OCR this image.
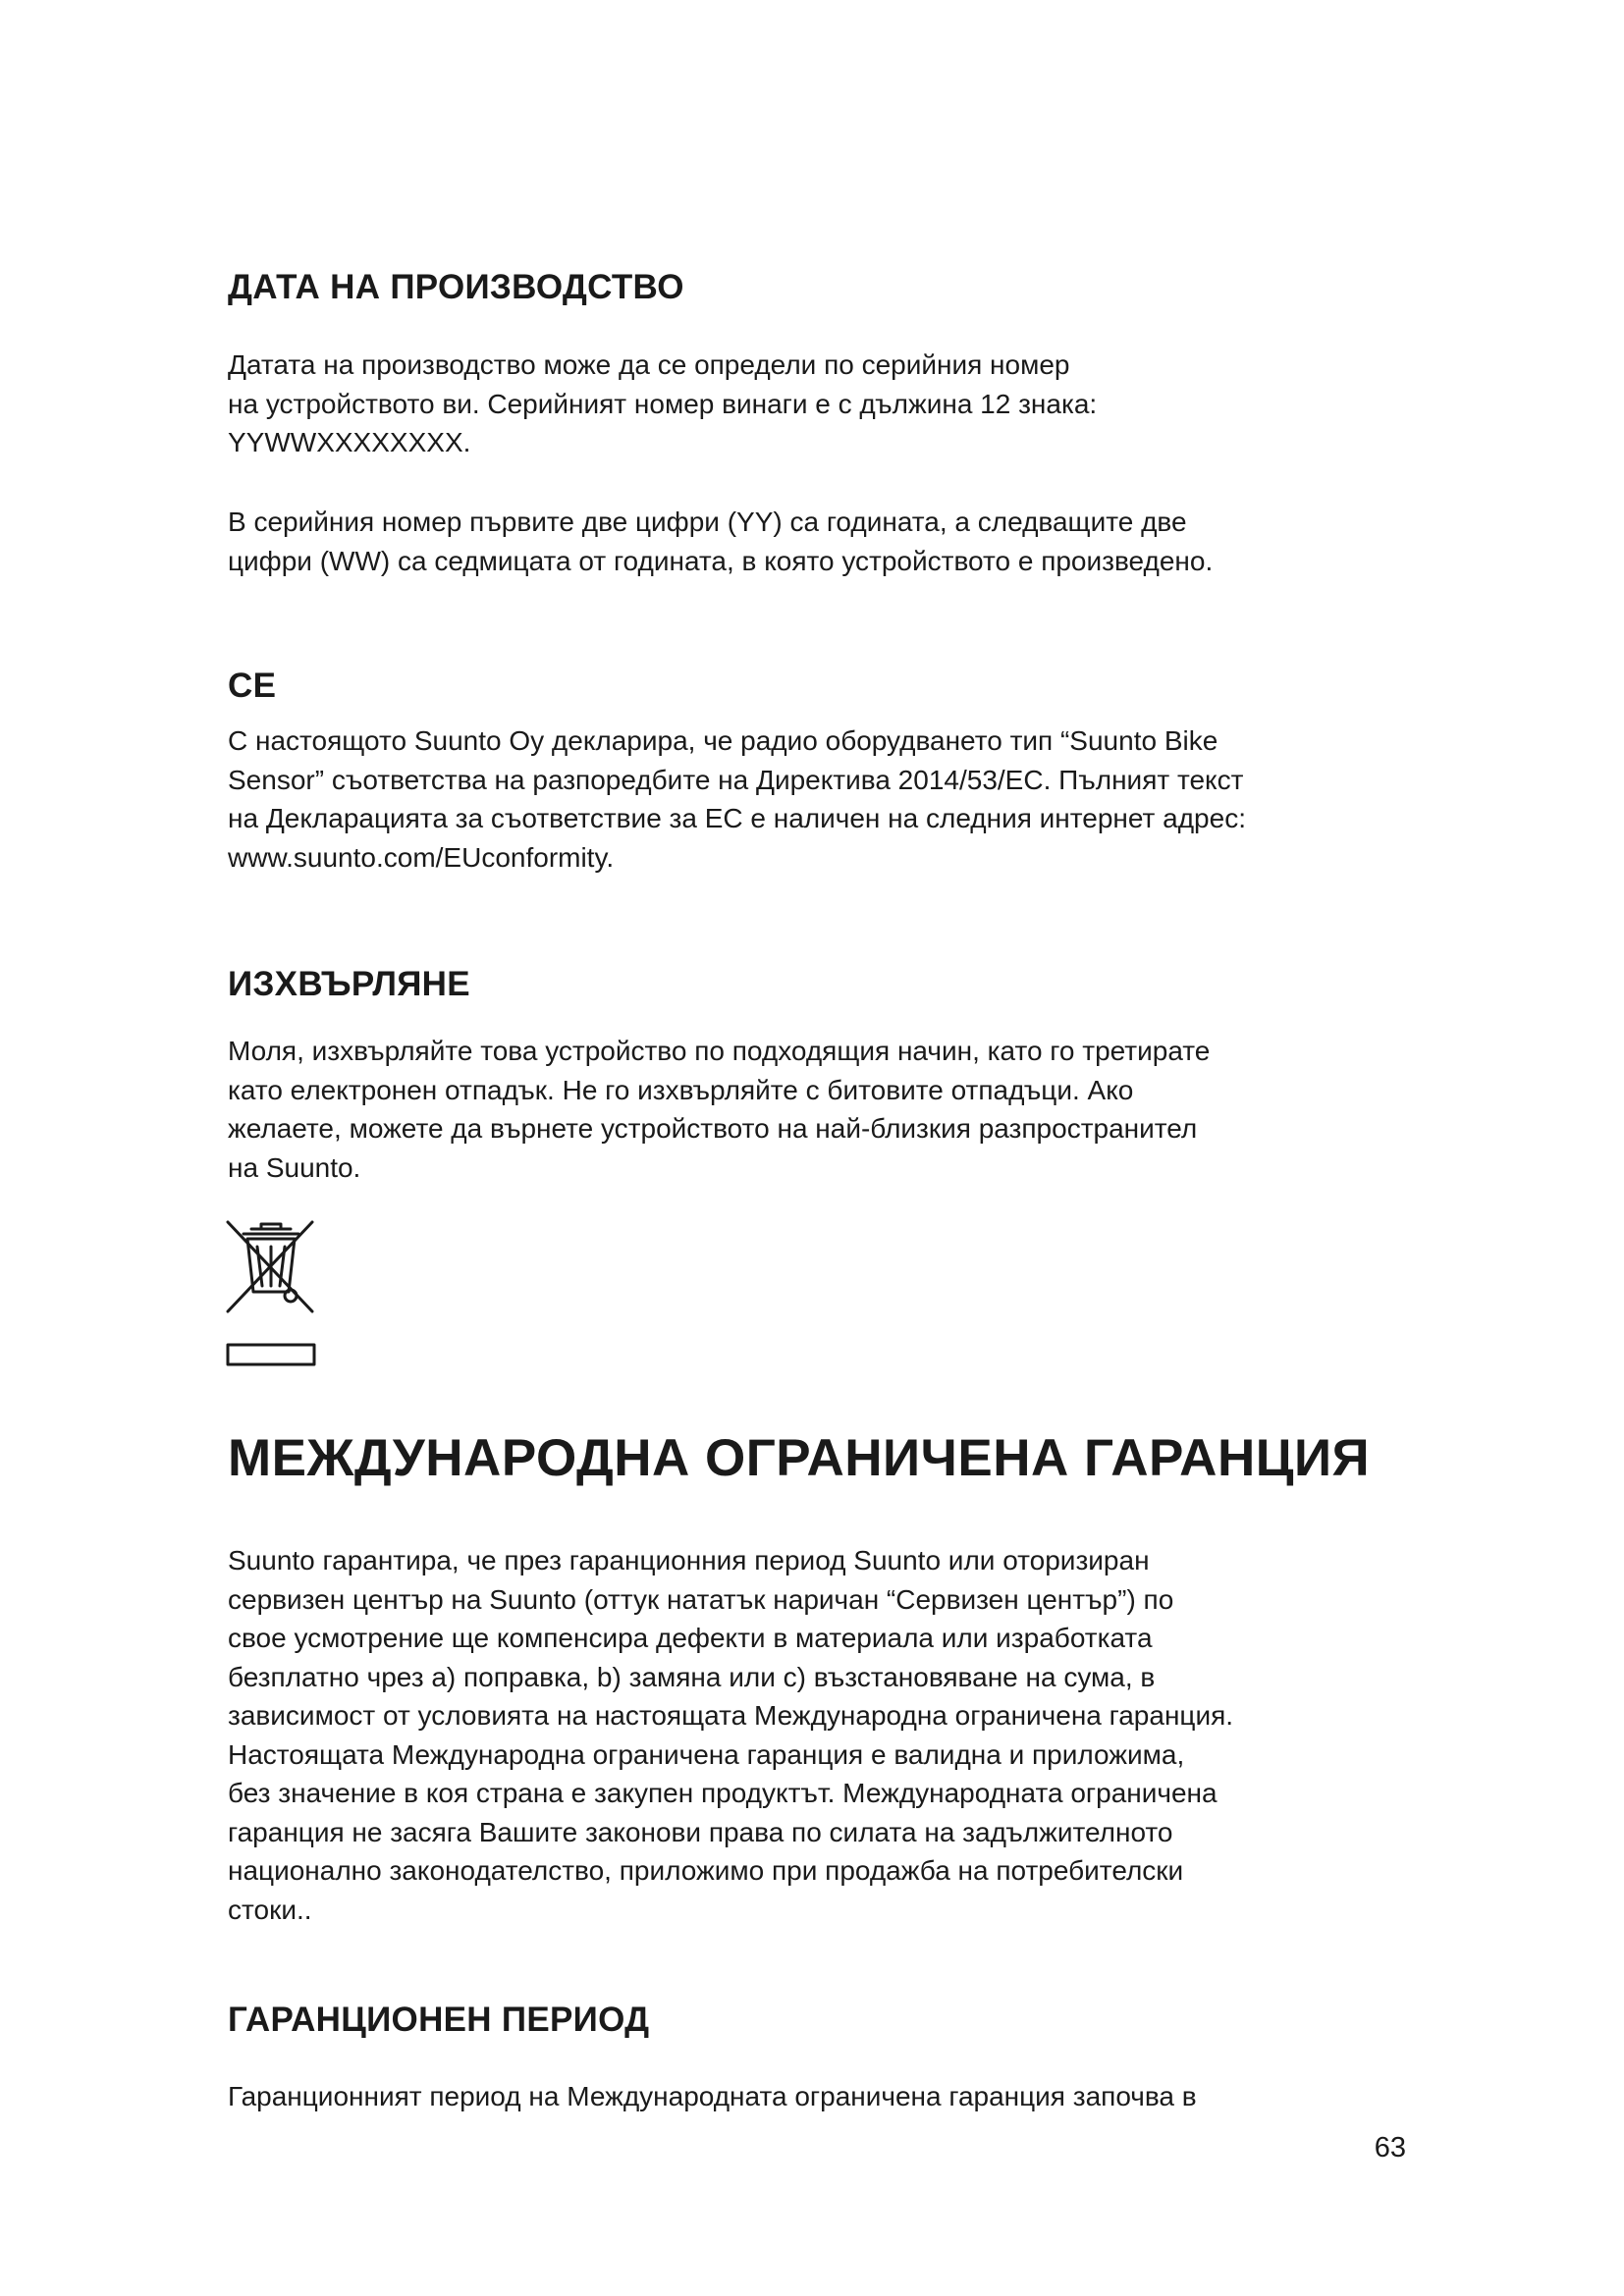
ДАТА НА ПРОИЗВОДСТВО
Датата на производство може да се определи по серийния номер
на устройството ви. Серийният номер винаги е с дължина 12 знака:
YYWWXXXXXXXX.
В серийния номер първите две цифри (YY) са годината, а следващите две
цифри (WW) са седмицата от годината, в която устройството е произведено.
CE
С настоящото Suunto Oy декларира, че радио оборудването тип “Suunto Bike
Sensor” съответства на разпоредбите на Директива 2014/53/EC. Пълният текст
на Декларацията за съответствие за ЕС е наличен на следния интернет адрес:
www.suunto.com/EUconformity.
ИЗХВЪРЛЯНЕ
Моля, изхвърляйте това устройство по подходящия начин, като го третирате
като електронен отпадък. Не го изхвърляйте с битовите отпадъци. Ако
желаете, можете да върнете устройството на най-близкия разпространител
на Suunto.
МЕЖДУНАРОДНА ОГРАНИЧЕНА ГАРАНЦИЯ
Suunto гарантира, че през гаранционния период Suunto или оторизиран
сервизен център на Suunto (оттук нататък наричан “Сервизен център”) по
свое усмотрение ще компенсира дефекти в материала или изработката
безплатно чрез a) поправка, b) замяна или c) възстановяване на сума, в
зависимост от условията на настоящата Международна ограничена гаранция.
Настоящата Международна ограничена гаранция е валидна и приложима,
без значение в коя страна е закупен продуктът. Международната ограничена
гаранция не засяга Вашите законови права по силата на задължителното
национално законодателство, приложимо при продажба на потребителски
стоки..
ГАРАНЦИОНЕН ПЕРИОД
Гаранционният период на Международната ограничена гаранция започва в
63
